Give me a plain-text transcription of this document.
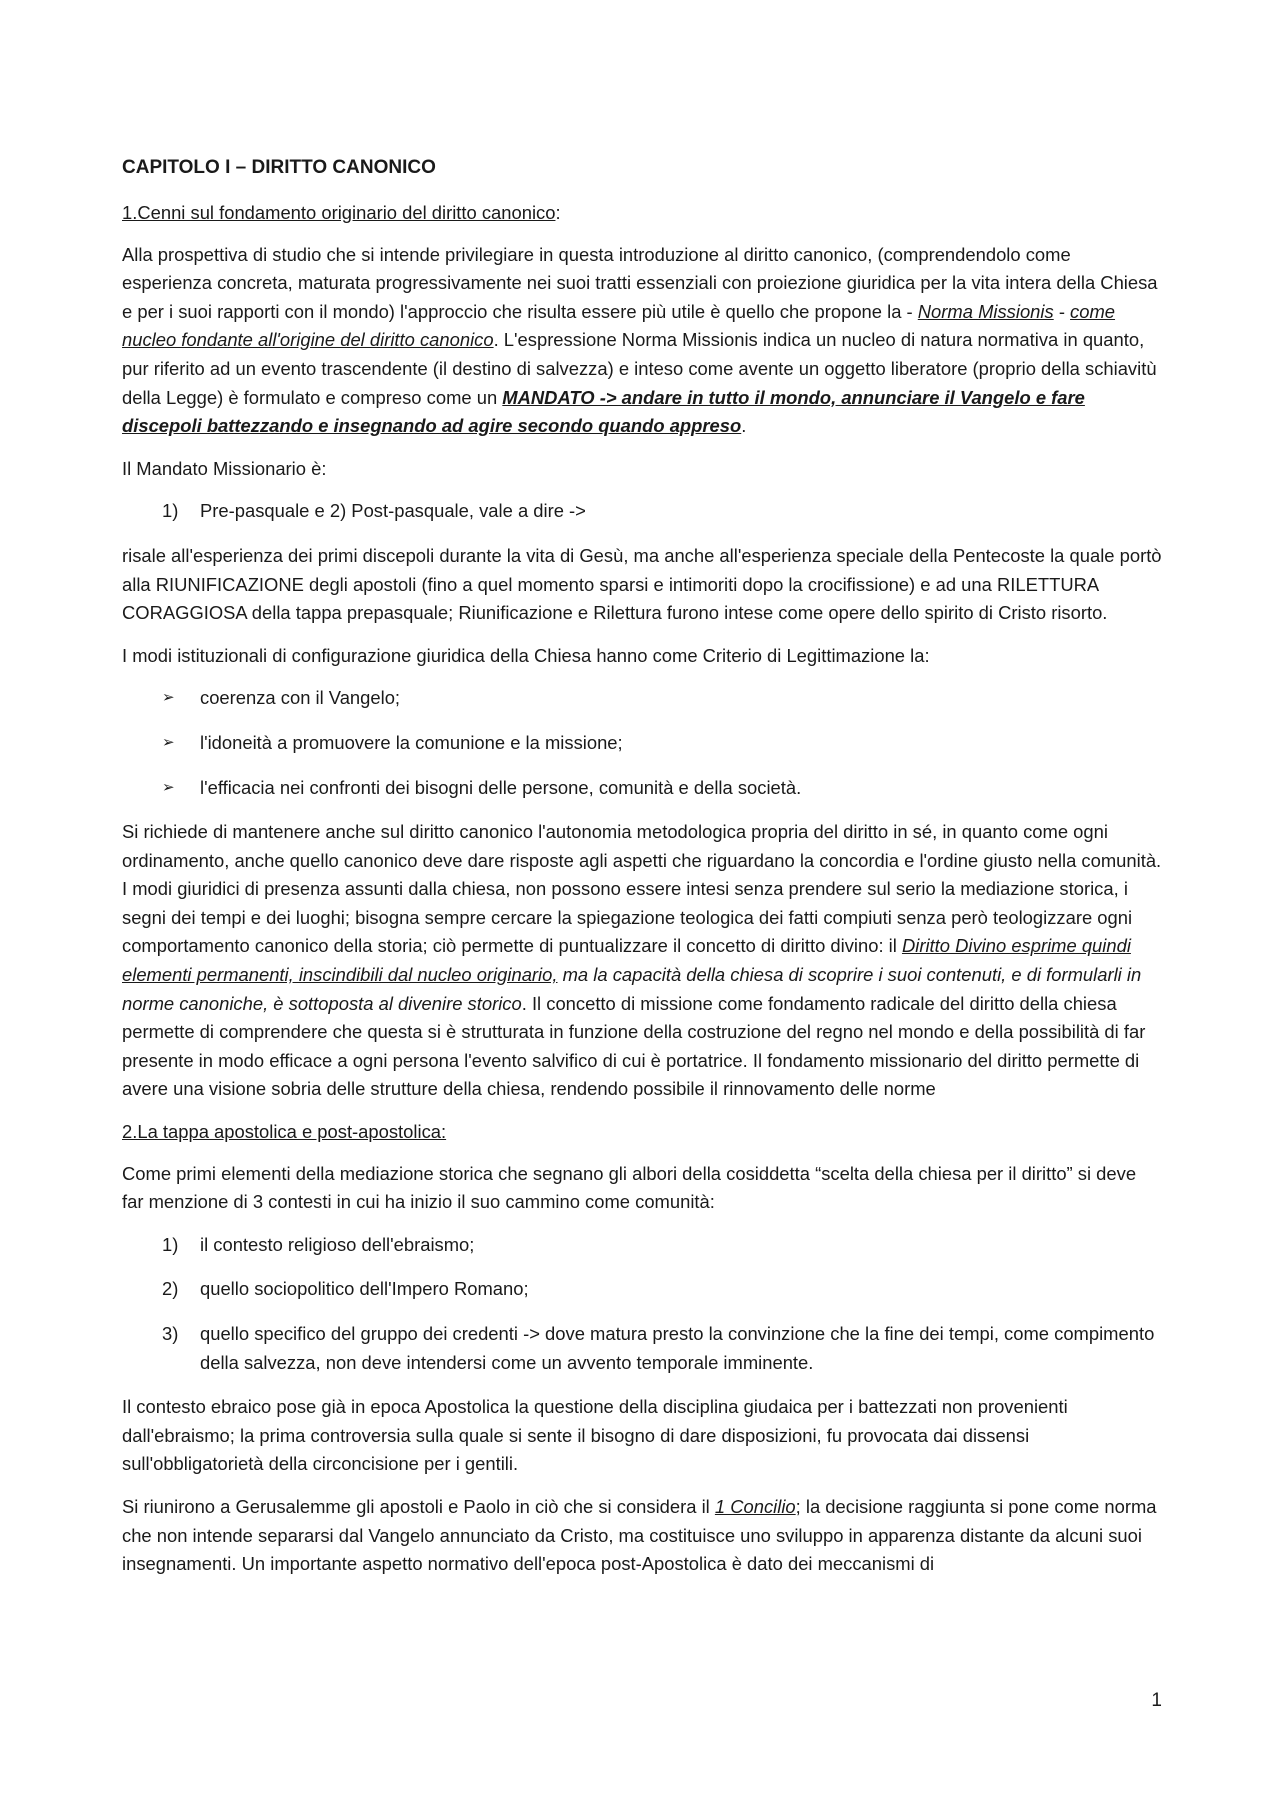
CAPITOLO I – DIRITTO CANONICO

1.Cenni sul fondamento originario del diritto canonico:

Alla prospettiva di studio che si intende privilegiare in questa introduzione al diritto canonico, (comprendendolo come esperienza concreta, maturata progressivamente nei suoi tratti essenziali con proiezione giuridica per la vita intera della Chiesa e per i suoi rapporti con il mondo) l'approccio che risulta essere più utile è quello che propone la - Norma Missionis - come nucleo fondante all'origine del diritto canonico. L'espressione Norma Missionis indica un nucleo di natura normativa in quanto, pur riferito ad un evento trascendente (il destino di salvezza) e inteso come avente un oggetto liberatore (proprio della schiavitù della Legge) è formulato e compreso come un MANDATO -> andare in tutto il mondo, annunciare il Vangelo e fare discepoli battezzando e insegnando ad agire secondo quando appreso.

Il Mandato Missionario è:

1) Pre-pasquale e 2) Post-pasquale, vale a dire ->

risale all'esperienza dei primi discepoli durante la vita di Gesù, ma anche all'esperienza speciale della Pentecoste la quale portò alla RIUNIFICAZIONE degli apostoli (fino a quel momento sparsi e intimoriti dopo la crocifissione) e ad una RILETTURA CORAGGIOSA della tappa prepasquale; Riunificazione e Rilettura furono intese come opere dello spirito di Cristo risorto.

I modi istituzionali di configurazione giuridica della Chiesa hanno come Criterio di Legittimazione la:

➢ coerenza con il Vangelo;
➢ l'idoneità a promuovere la comunione e la missione;
➢ l'efficacia nei confronti dei bisogni delle persone, comunità e della società.

Si richiede di mantenere anche sul diritto canonico l'autonomia metodologica propria del diritto in sé, in quanto come ogni ordinamento, anche quello canonico deve dare risposte agli aspetti che riguardano la concordia e l'ordine giusto nella comunità. I modi giuridici di presenza assunti dalla chiesa, non possono essere intesi senza prendere sul serio la mediazione storica, i segni dei tempi e dei luoghi; bisogna sempre cercare la spiegazione teologica dei fatti compiuti senza però teologizzare ogni comportamento canonico della storia; ciò permette di puntualizzare il concetto di diritto divino: il Diritto Divino esprime quindi elementi permanenti, inscindibili dal nucleo originario, ma la capacità della chiesa di scoprire i suoi contenuti, e di formularli in norme canoniche, è sottoposta al divenire storico. Il concetto di missione come fondamento radicale del diritto della chiesa permette di comprendere che questa si è strutturata in funzione della costruzione del regno nel mondo e della possibilità di far presente in modo efficace a ogni persona l'evento salvifico di cui è portatrice. Il fondamento missionario del diritto permette di avere una visione sobria delle strutture della chiesa, rendendo possibile il rinnovamento delle norme

2.La tappa apostolica e post-apostolica:

Come primi elementi della mediazione storica che segnano gli albori della cosiddetta “scelta della chiesa per il diritto” si deve far menzione di 3 contesti in cui ha inizio il suo cammino come comunità:

1) il contesto religioso dell'ebraismo;
2) quello sociopolitico dell'Impero Romano;
3) quello specifico del gruppo dei credenti -> dove matura presto la convinzione che la fine dei tempi, come compimento della salvezza, non deve intendersi come un avvento temporale imminente.

Il contesto ebraico pose già in epoca Apostolica la questione della disciplina giudaica per i battezzati non provenienti dall'ebraismo; la prima controversia sulla quale si sente il bisogno di dare disposizioni, fu provocata dai dissensi sull'obbligatorietà della circoncisione per i gentili.

Si riunirono a Gerusalemme gli apostoli e Paolo in ciò che si considera il 1 Concilio; la decisione raggiunta si pone come norma che non intende separarsi dal Vangelo annunciato da Cristo, ma costituisce uno sviluppo in apparenza distante da alcuni suoi insegnamenti. Un importante aspetto normativo dell'epoca post-Apostolica è dato dei meccanismi di

1
